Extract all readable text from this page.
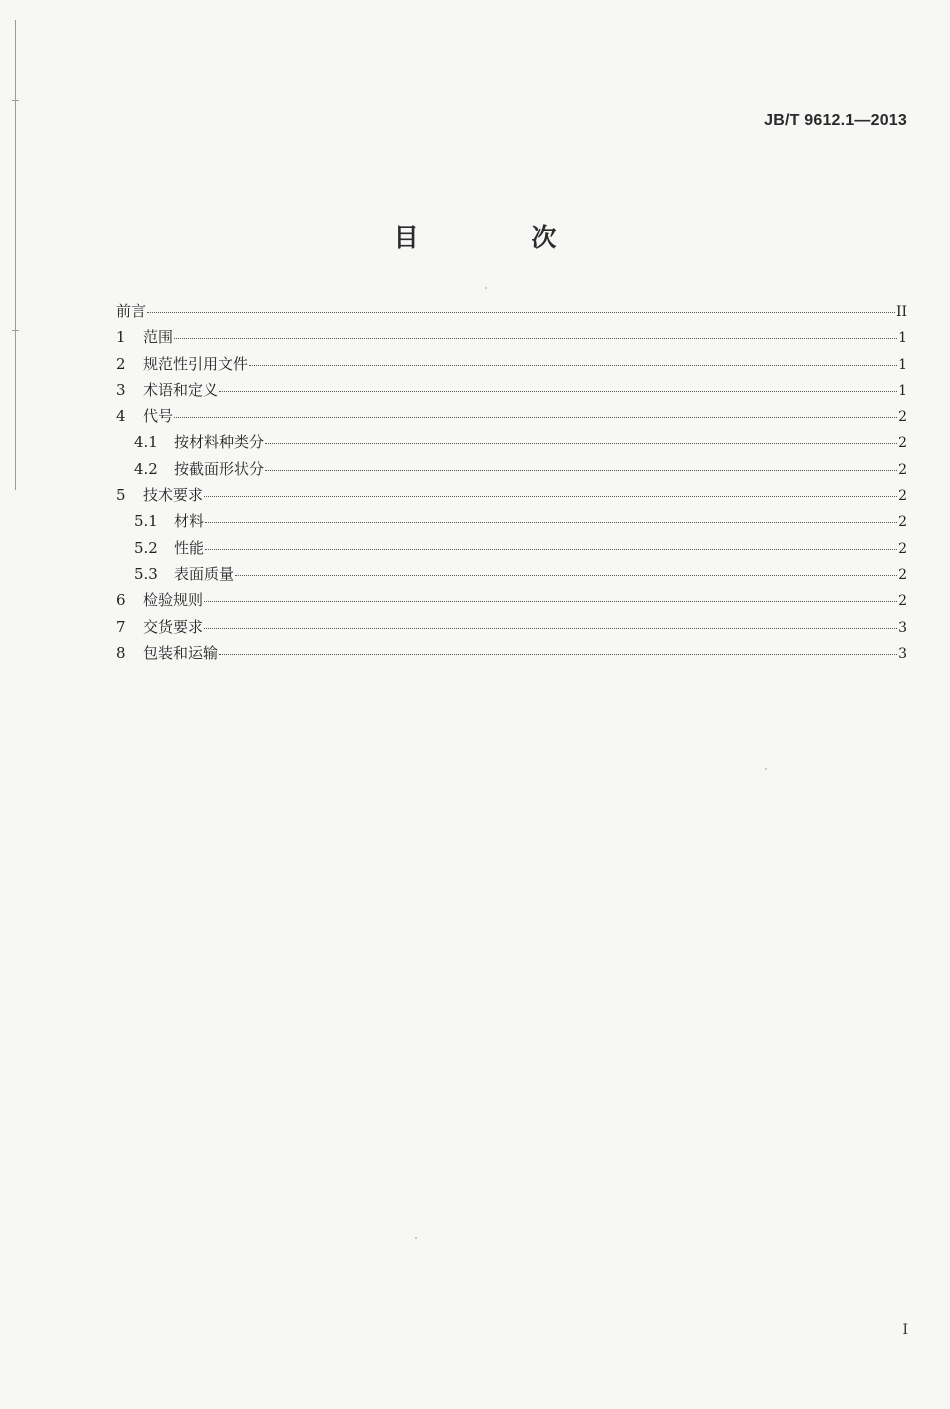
JB/T 9612.1—2013
目 次
前言	II
1	范围	1
2	规范性引用文件	1
3	术语和定义	1
4	代号	2
4.1	按材料种类分	2
4.2	按截面形状分	2
5	技术要求	2
5.1	材料	2
5.2	性能	2
5.3	表面质量	2
6	检验规则	2
7	交货要求	3
8	包装和运输	3
I
